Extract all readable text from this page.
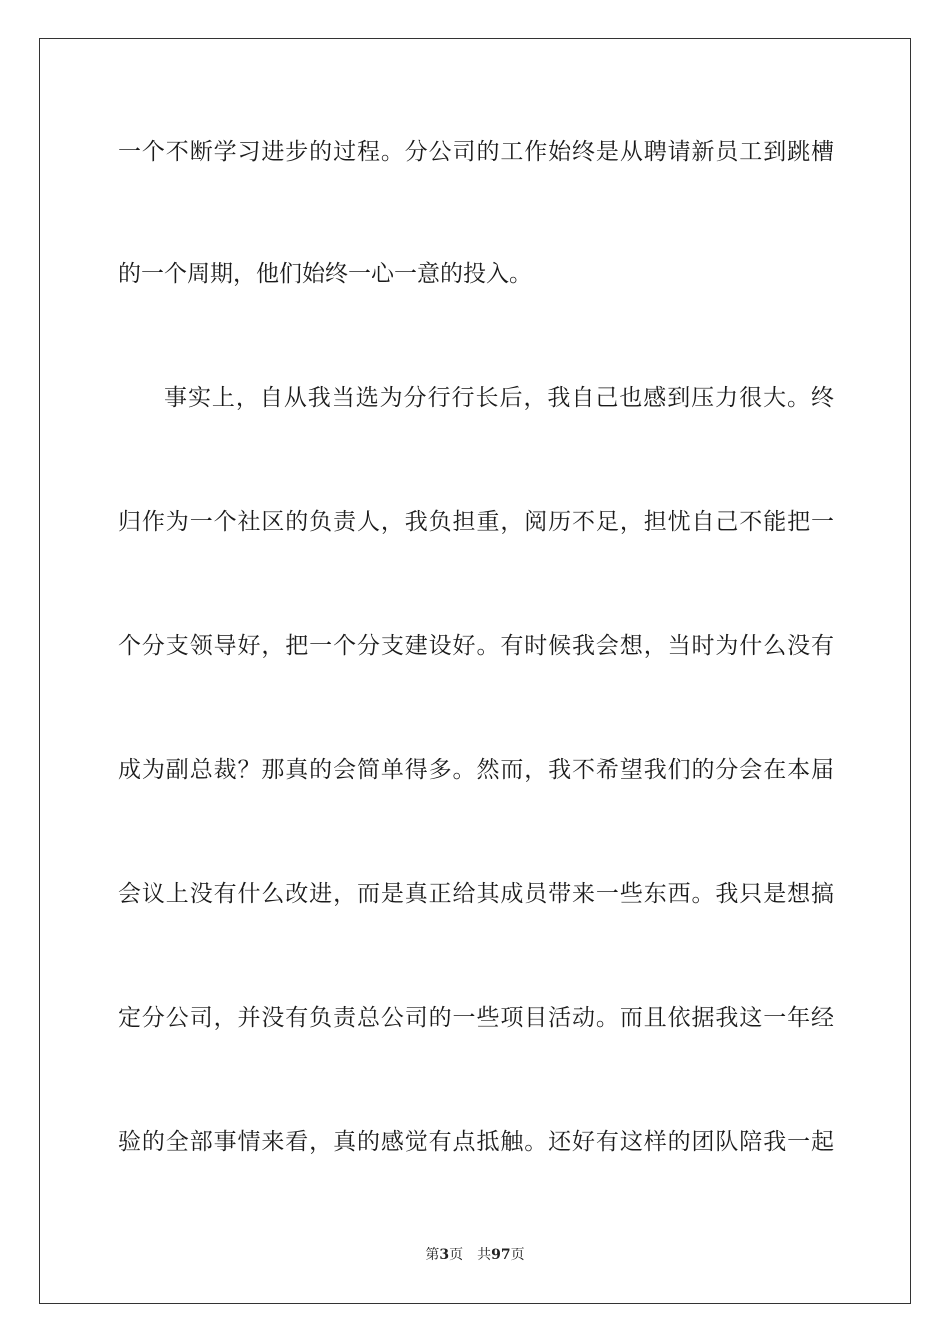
一个不断学习进步的过程。分公司的工作始终是从聘请新员工到跳槽
的一个周期，他们始终一心一意的投入。
事实上，自从我当选为分行行长后，我自己也感到压力很大。终
归作为一个社区的负责人，我负担重，阅历不足，担忧自己不能把一
个分支领导好，把一个分支建设好。有时候我会想，当时为什么没有
成为副总裁？那真的会简单得多。然而，我不希望我们的分会在本届
会议上没有什么改进，而是真正给其成员带来一些东西。我只是想搞
定分公司，并没有负责总公司的一些项目活动。而且依据我这一年经
验的全部事情来看，真的感觉有点抵触。还好有这样的团队陪我一起
第3页 共97页
